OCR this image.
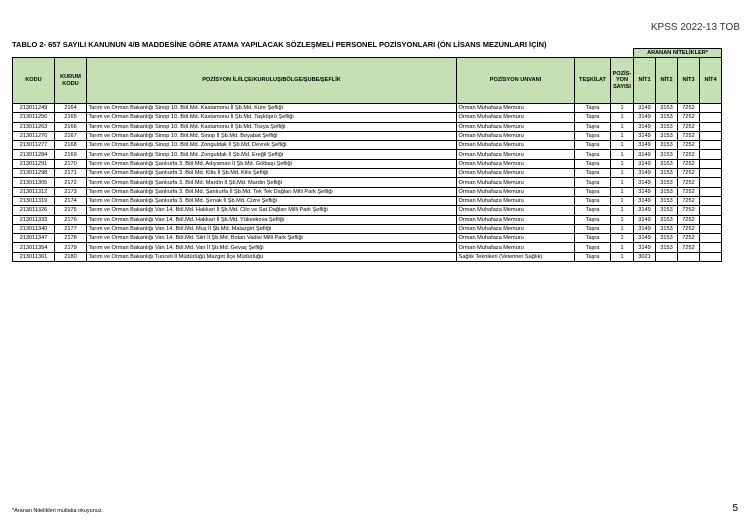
KPSS 2022-13 TOB
TABLO 2- 657 SAYILI KANUNUN 4/B MADDESİNE GÖRE ATAMA YAPILACAK SÖZLEŞMELİ PERSONEL POZİSYONLARI (ÖN LİSANS MEZUNLARI İÇİN)
						ARANAN NİTELİKLER*			
KODU	KURUM KODU	POZİSYON İL/İLÇE/KURULUŞ/BÖLGE/ŞUBE/ŞEFLİK	POZİSYON UNVANI	TEŞKİLAT	POZİS-YON SAYISI	NİT1	NİT2	NİT3	NİT4
213011249	2164	Tarım ve Orman Bakanlığı Sinop 10. Böl.Md. Kastamonu İl Şb.Md. Küre Şefliği	Orman Muhafaza Memuru	Taşra	1	3149	3153	7252	
213011256	2165	Tarım ve Orman Bakanlığı Sinop 10. Böl.Md. Kastamonu İl Şb.Md. Taşköprü Şefliği	Orman Muhafaza Memuru	Taşra	1	3149	3153	7252	
213011263	2166	Tarım ve Orman Bakanlığı Sinop 10. Böl.Md. Kastamonu İl Şb.Md. Tosya Şefliği	Orman Muhafaza Memuru	Taşra	1	3149	3153	7252	
213011270	2167	Tarım ve Orman Bakanlığı Sinop 10. Böl.Md. Sinop İl Şb.Md. Boyabat Şefliği	Orman Muhafaza Memuru	Taşra	1	3149	3153	7252	
213011277	2168	Tarım ve Orman Bakanlığı Sinop 10. Böl.Md. Zonguldak İl Şb.Md. Devrek Şefliği	Orman Muhafaza Memuru	Taşra	1	3149	3153	7252	
213011284	2169	Tarım ve Orman Bakanlığı Sinop 10. Böl.Md. Zonguldak İl Şb.Md. Ereğli Şefliği	Orman Muhafaza Memuru	Taşra	1	3149	3153	7252	
213011291	2170	Tarım ve Orman Bakanlığı Şanlıurfa 3. Böl.Md. Adıyaman İl Şb.Md. Gölbaşı Şefliği	Orman Muhafaza Memuru	Taşra	1	3149	3153	7252	
213011298	2171	Tarım ve Orman Bakanlığı Şanlıurfa 3. Böl.Md. Kilis İl Şb.Md. Kilis Şefliği	Orman Muhafaza Memuru	Taşra	1	3149	3153	7252	
213011305	2172	Tarım ve Orman Bakanlığı Şanlıurfa 3. Böl.Md. Mardin İl Şb.Md. Mardin Şefliği	Orman Muhafaza Memuru	Taşra	1	3149	3153	7252	
213011312	2173	Tarım ve Orman Bakanlığı Şanlıurfa 3. Böl.Md. Şanlıurfa İl Şb.Md. Tek Tek Dağları Milli Park Şefliği	Orman Muhafaza Memuru	Taşra	1	3149	3153	7252	
213011319	2174	Tarım ve Orman Bakanlığı Şanlıurfa 3. Böl.Md. Şırnak İl Şb.Md. Cizre Şefliği	Orman Muhafaza Memuru	Taşra	1	3149	3153	7252	
213011326	2175	Tarım ve Orman Bakanlığı Van 14. Böl.Md. Hakkari İl Şb.Md. Cilo ve Sat Dağları Milli Park Şefliği	Orman Muhafaza Memuru	Taşra	1	3149	3153	7252	
213011333	2176	Tarım ve Orman Bakanlığı Van 14. Böl.Md. Hakkari İl Şb.Md. Yüksekova Şefliği	Orman Muhafaza Memuru	Taşra	1	3149	3153	7252	
213011340	2177	Tarım ve Orman Bakanlığı Van 14. Böl.Md. Muş İl Şb.Md. Malazgirt Şefliği	Orman Muhafaza Memuru	Taşra	1	3149	3153	7252	
213011347	2178	Tarım ve Orman Bakanlığı Van 14. Böl.Md. Siirt İl Şb.Md. Botan Vadisi Milli Park Şefliği	Orman Muhafaza Memuru	Taşra	1	3149	3153	7252	
213011354	2179	Tarım ve Orman Bakanlığı Van 14. Böl.Md. Van İl Şb.Md. Gevaş Şefliği	Orman Muhafaza Memuru	Taşra	1	3149	3153	7252	
213011361	2180	Tarım ve Orman Bakanlığı Tunceli İl Müdürlüğü Mazgirt İlçe Müdürlüğü	Sağlık Teknikeri (Veteriner Sağlık)	Taşra	1	3021			
*Aranan Nitelikleri mutlaka okuyunuz.	5
